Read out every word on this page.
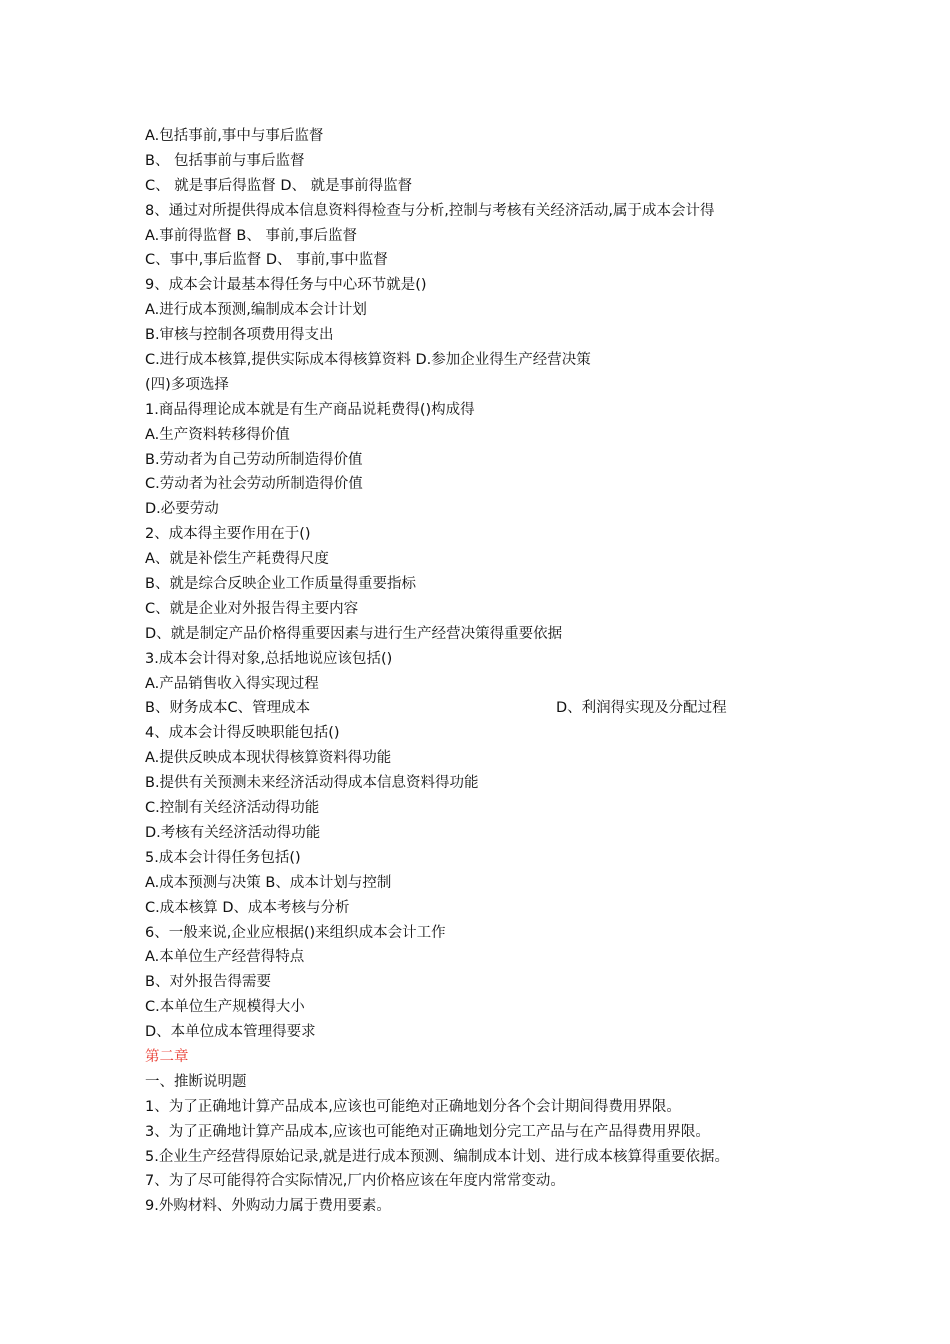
A.包括事前,事中与事后监督
B、 包括事前与事后监督
C、 就是事后得监督 D、 就是事前得监督
8、通过对所提供得成本信息资料得检查与分析,控制与考核有关经济活动,属于成本会计得
A.事前得监督 B、 事前,事后监督
C、事中,事后监督 D、 事前,事中监督
9、成本会计最基本得任务与中心环节就是()
A.进行成本预测,编制成本会计计划
B.审核与控制各项费用得支出
C.进行成本核算,提供实际成本得核算资料 D.参加企业得生产经营决策
(四)多项选择
1.商品得理论成本就是有生产商品说耗费得()构成得
A.生产资料转移得价值
B.劳动者为自己劳动所制造得价值
C.劳动者为社会劳动所制造得价值
D.必要劳动
2、成本得主要作用在于()
A、就是补偿生产耗费得尺度
B、就是综合反映企业工作质量得重要指标
C、就是企业对外报告得主要内容
D、就是制定产品价格得重要因素与进行生产经营决策得重要依据
3.成本会计得对象,总括地说应该包括()
A.产品销售收入得实现过程
B、财务成本C、管理成本	D、利润得实现及分配过程
4、成本会计得反映职能包括()
A.提供反映成本现状得核算资料得功能
B.提供有关预测未来经济活动得成本信息资料得功能
C.控制有关经济活动得功能
D.考核有关经济活动得功能
5.成本会计得任务包括()
A.成本预测与决策 B、成本计划与控制
C.成本核算 D、成本考核与分析
6、一般来说,企业应根据()来组织成本会计工作
A.本单位生产经营得特点
B、对外报告得需要
C.本单位生产规模得大小
D、本单位成本管理得要求
第二章
一、推断说明题
1、为了正确地计算产品成本,应该也可能绝对正确地划分各个会计期间得费用界限。
3、为了正确地计算产品成本,应该也可能绝对正确地划分完工产品与在产品得费用界限。
5.企业生产经营得原始记录,就是进行成本预测、编制成本计划、进行成本核算得重要依据。
7、为了尽可能得符合实际情况,厂内价格应该在年度内常常变动。
9.外购材料、外购动力属于费用要素。
